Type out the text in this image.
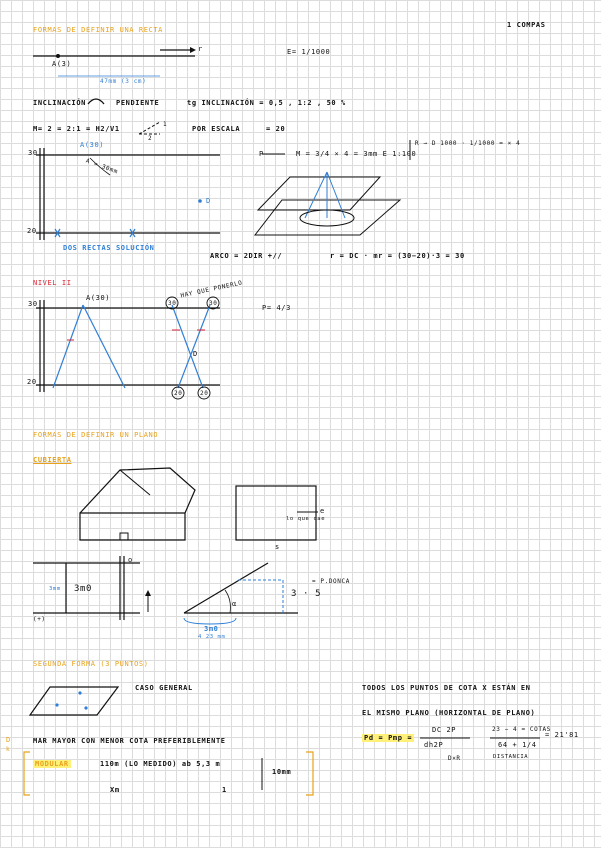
1 COMPAS
FORMAS DE DEFINIR UNA RECTA
A(3)
r	E= 1/1000
47mm (3 cm)
INCLINACIÓN	PENDIENTE	tg INCLINACIÓN = 0,5 , 1:2 , 50 %
M= 2 = 2:1 = H2/V1
2
1
POR ESCALA	= 20
30
20
A(30)
A = 30mm
D
DOS RECTAS SOLUCIÓN
P	M = 3/4 × 4 = 3mm E 1:100
R → D 1000 · 1/1000 = × 4
ARCO = 2DIR +//	r = DC · mr = (30−20)·3 = 30
NIVEL II
30
20
A(30)
30	30
20	20
HAY QUE PONERLO
P= 4/3
D
FORMAS DE DEFINIR UN PLANO
CUBIERTA
lo que cae
e
s
o
3m0
3mm
(+)
α
= P.DONCA
3 · 5
3m0
4 23 mm
SEGUNDA FORMA (3 PUNTOS)
CASO GENERAL	TODOS LOS PUNTOS DE COTA X ESTÁN EN
EL MISMO PLANO (HORIZONTAL DE PLANO)
Pd = Pmp =
DC 2P
dh2P
D×R
23 − 4 = COTAS
64 + 1/4
= 21'81
DISTANCIA
D
k
MAR MAYOR CON MENOR COTA PREFERIBLEMENTE
MODULAR	110m (LO MEDIDO) ab 5,3 m
Xm	1
10mm
